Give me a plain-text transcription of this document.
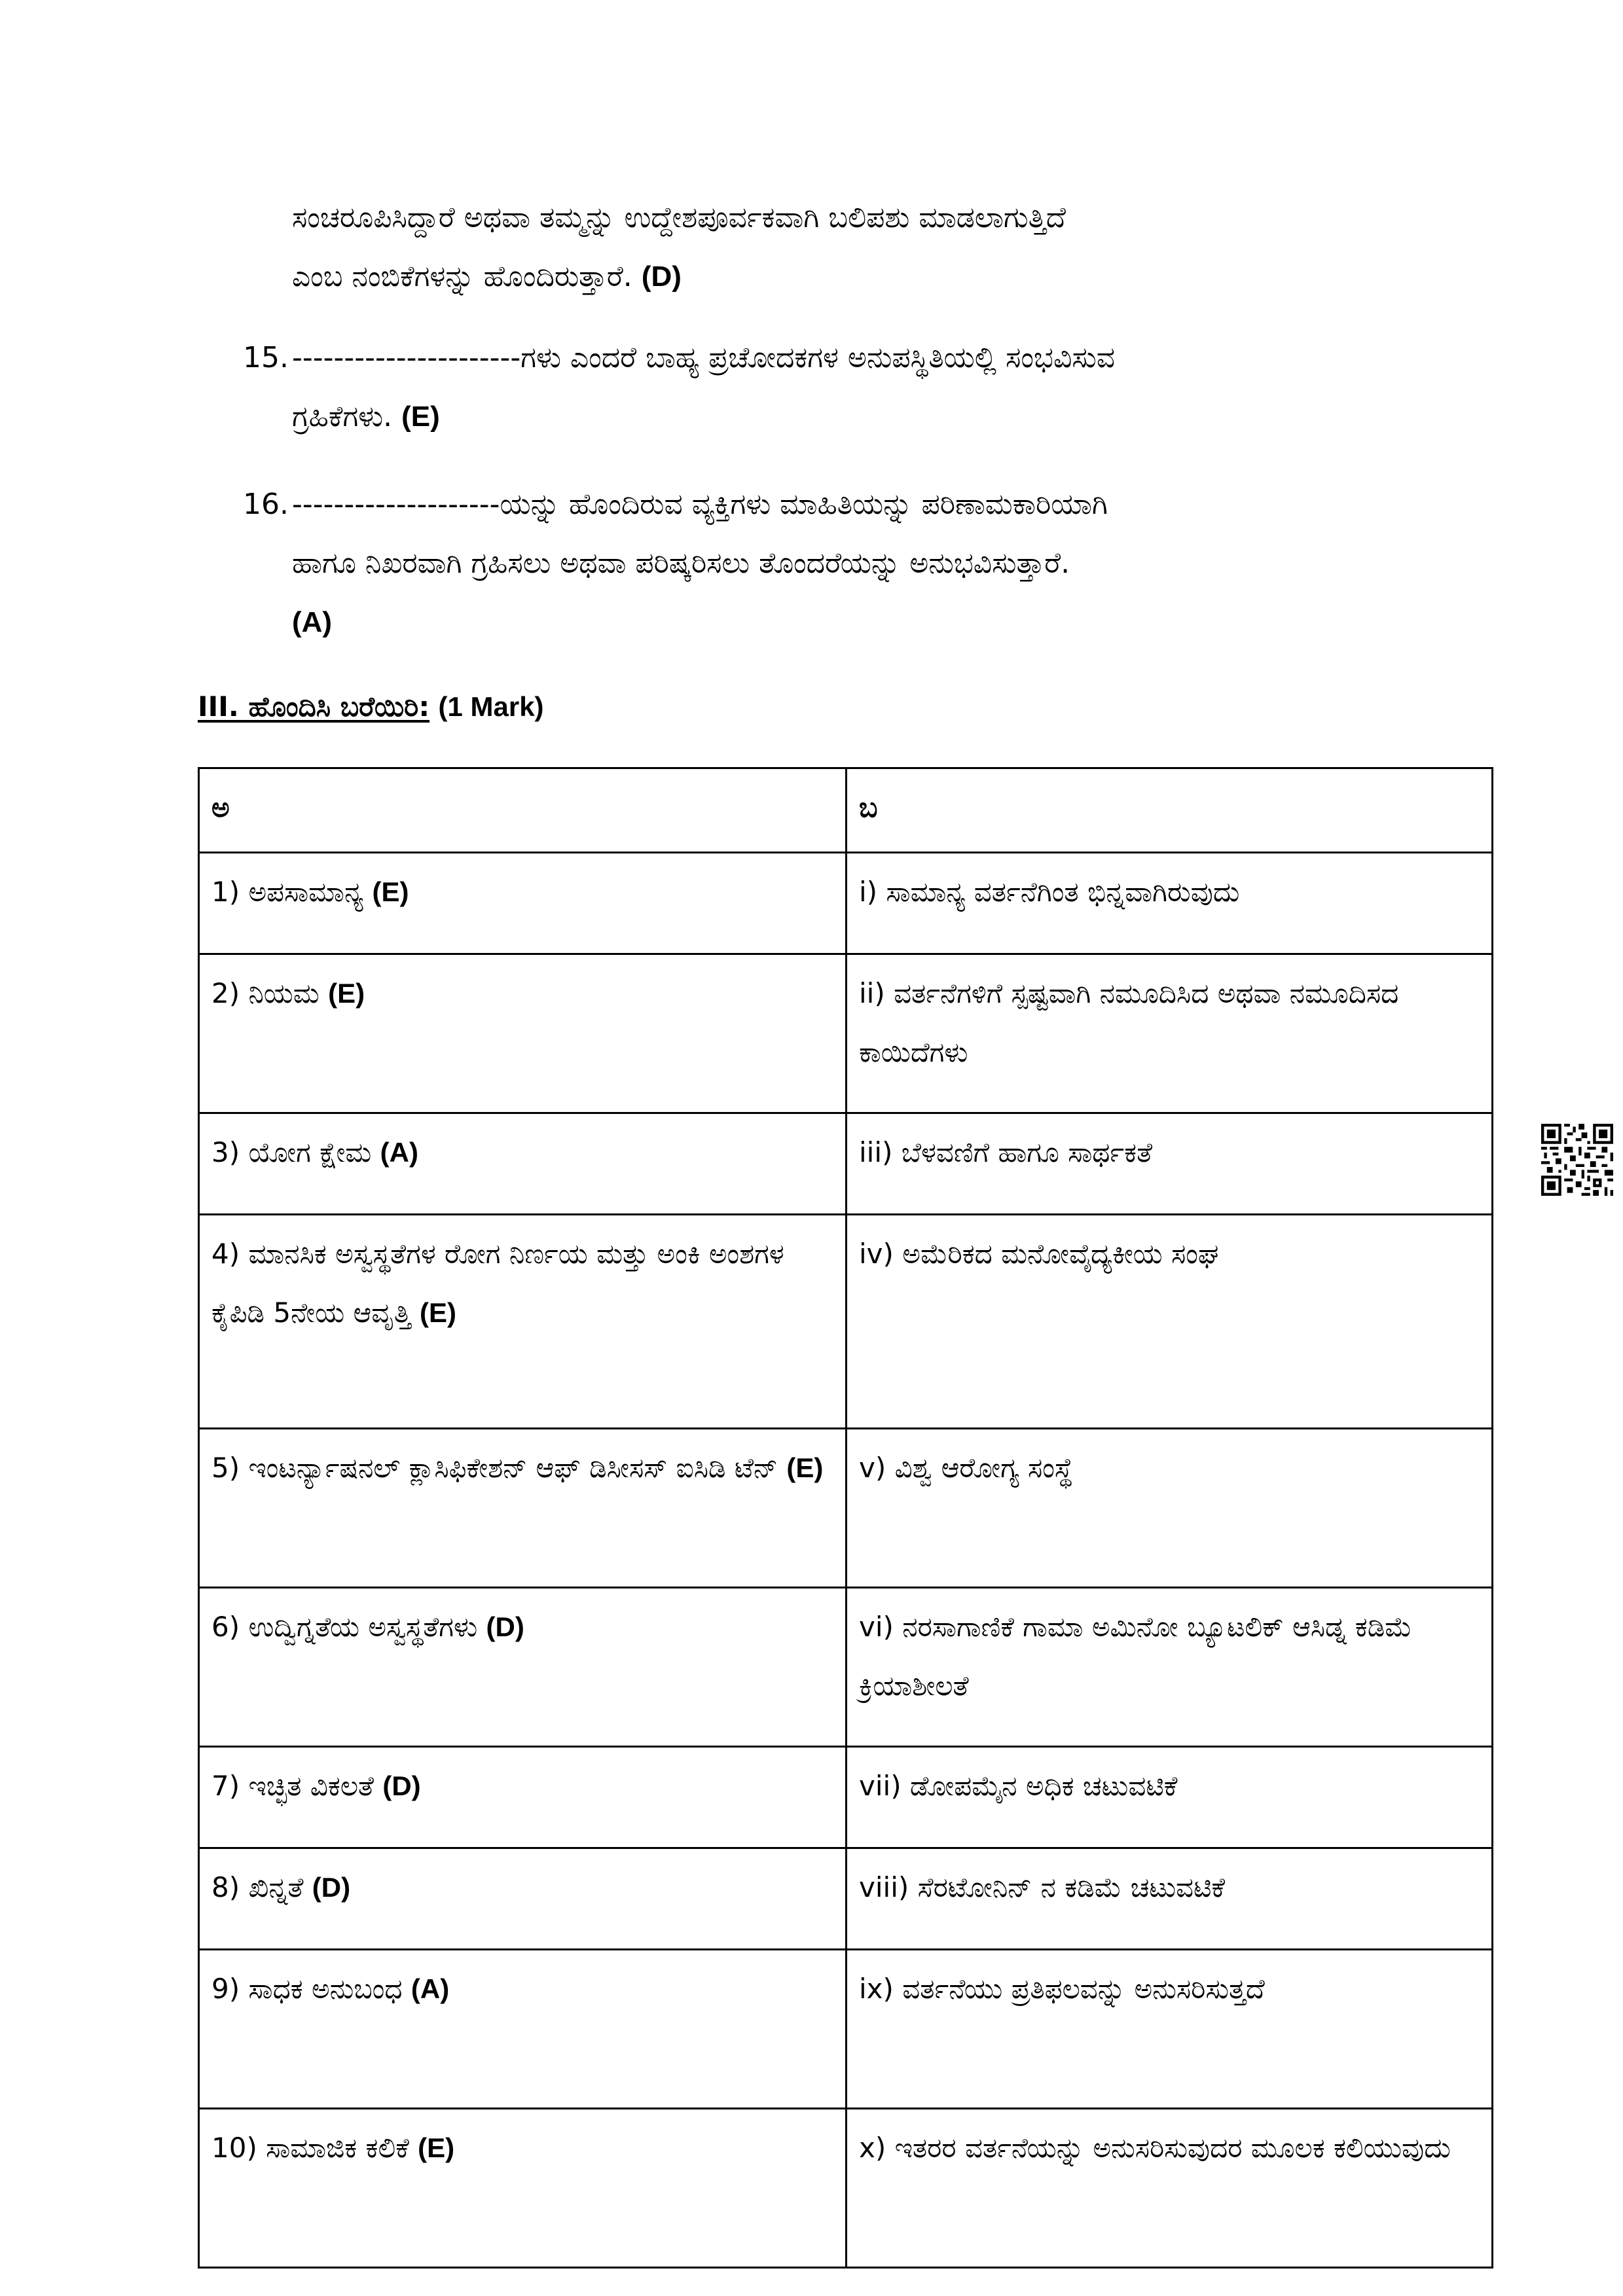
ಸಂಚರೂಪಿಸಿದ್ದಾರೆ ಅಥವಾ ತಮ್ಮನ್ನು ಉದ್ದೇಶಪೂರ್ವಕವಾಗಿ ಬಲಿಪಶು ಮಾಡಲಾಗುತ್ತಿದೆ
ಎಂಬ ನಂಬಿಕೆಗಳನ್ನು ಹೊಂದಿರುತ್ತಾರೆ. (D)
15. ----------------------ಗಳು ಎಂದರೆ ಬಾಹ್ಯ ಪ್ರಚೋದಕಗಳ ಅನುಪಸ್ಥಿತಿಯಲ್ಲಿ ಸಂಭವಿಸುವ
ಗ್ರಹಿಕೆಗಳು. (E)
16. --------------------ಯನ್ನು ಹೊಂದಿರುವ ವ್ಯಕ್ತಿಗಳು ಮಾಹಿತಿಯನ್ನು ಪರಿಣಾಮಕಾರಿಯಾಗಿ
ಹಾಗೂ ನಿಖರವಾಗಿ ಗ್ರಹಿಸಲು ಅಥವಾ ಪರಿಷ್ಕರಿಸಲು ತೊಂದರೆಯನ್ನು ಅನುಭವಿಸುತ್ತಾರೆ.
(A)
III. ಹೊಂದಿಸಿ ಬರೆಯಿರಿ: (1 Mark)
ಅ	ಬ

1) ಅಪಸಾಮಾನ್ಯ (E)	i) ಸಾಮಾನ್ಯ ವರ್ತನೆಗಿಂತ ಭಿನ್ನವಾಗಿರುವುದು
2) ನಿಯಮ (E)	ii) ವರ್ತನೆಗಳಿಗೆ ಸ್ಪಷ್ಟವಾಗಿ ನಮೂದಿಸಿದ ಅಥವಾ ನಮೂದಿಸದ ಕಾಯಿದೆಗಳು
3) ಯೋಗ ಕ್ಷೇಮ (A)	iii) ಬೆಳವಣಿಗೆ ಹಾಗೂ ಸಾರ್ಥಕತೆ
4) ಮಾನಸಿಕ ಅಸ್ವಸ್ಥತೆಗಳ ರೋಗ ನಿರ್ಣಯ ಮತ್ತು ಅಂಕಿ ಅಂಶಗಳ ಕೈಪಿಡಿ 5ನೇಯ ಆವೃತ್ತಿ (E)	iv) ಅಮೆರಿಕದ ಮನೋವೈದ್ಯಕೀಯ ಸಂಘ
5) ಇಂಟರ್ನ್ಯಾಷನಲ್ ಕ್ಲಾಸಿಫಿಕೇಶನ್ ಆಫ್ ಡಿಸೀಸಸ್ ಐಸಿಡಿ ಟೆನ್ (E)	v) ವಿಶ್ವ ಆರೋಗ್ಯ ಸಂಸ್ಥೆ
6) ಉದ್ವಿಗ್ನತೆಯ ಅಸ್ವಸ್ಥತೆಗಳು (D)	vi) ನರಸಾಗಾಣಿಕೆ ಗಾಮಾ ಅಮಿನೋ ಬ್ಯೂಟಲಿಕ್ ಆಸಿಡ್ನ ಕಡಿಮೆ ಕ್ರಿಯಾಶೀಲತೆ
7) ಇಚ್ಛಿತ ವಿಕಲತೆ (D)	vii) ಡೋಪಮೈನ ಅಧಿಕ ಚಟುವಟಿಕೆ
8) ಖಿನ್ನತೆ (D)	viii) ಸೆರಟೋನಿನ್ ನ ಕಡಿಮೆ ಚಟುವಟಿಕೆ
9) ಸಾಧಕ ಅನುಬಂಧ (A)	ix) ವರ್ತನೆಯು ಪ್ರತಿಫಲವನ್ನು ಅನುಸರಿಸುತ್ತದೆ
10) ಸಾಮಾಜಿಕ ಕಲಿಕೆ (E)	x) ಇತರರ ವರ್ತನೆಯನ್ನು ಅನುಸರಿಸುವುದರ ಮೂಲಕ ಕಲಿಯುವುದು
